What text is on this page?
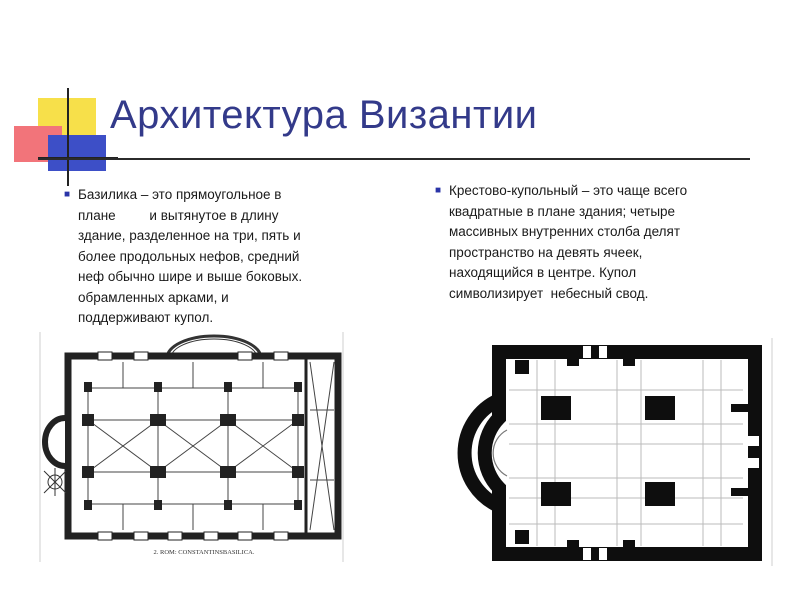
Архитектура Византии
■ Базилика – это прямоугольное в

плане         и вытянутое в длину

здание, разделенное на три, пять и

более продольных нефов, средний

неф обычно шире и выше боковых.

обрамленных арками, и

поддерживают купол.

■ Крестово-купольный – это чаще всего

квадратные в плане здания; четыре

массивных внутренних столба делят

пространство на девять ячеек,

находящийся в центре. Купол

символизирует  небесный свод.

2. ROM: CONSTANTINSBASILICA.
